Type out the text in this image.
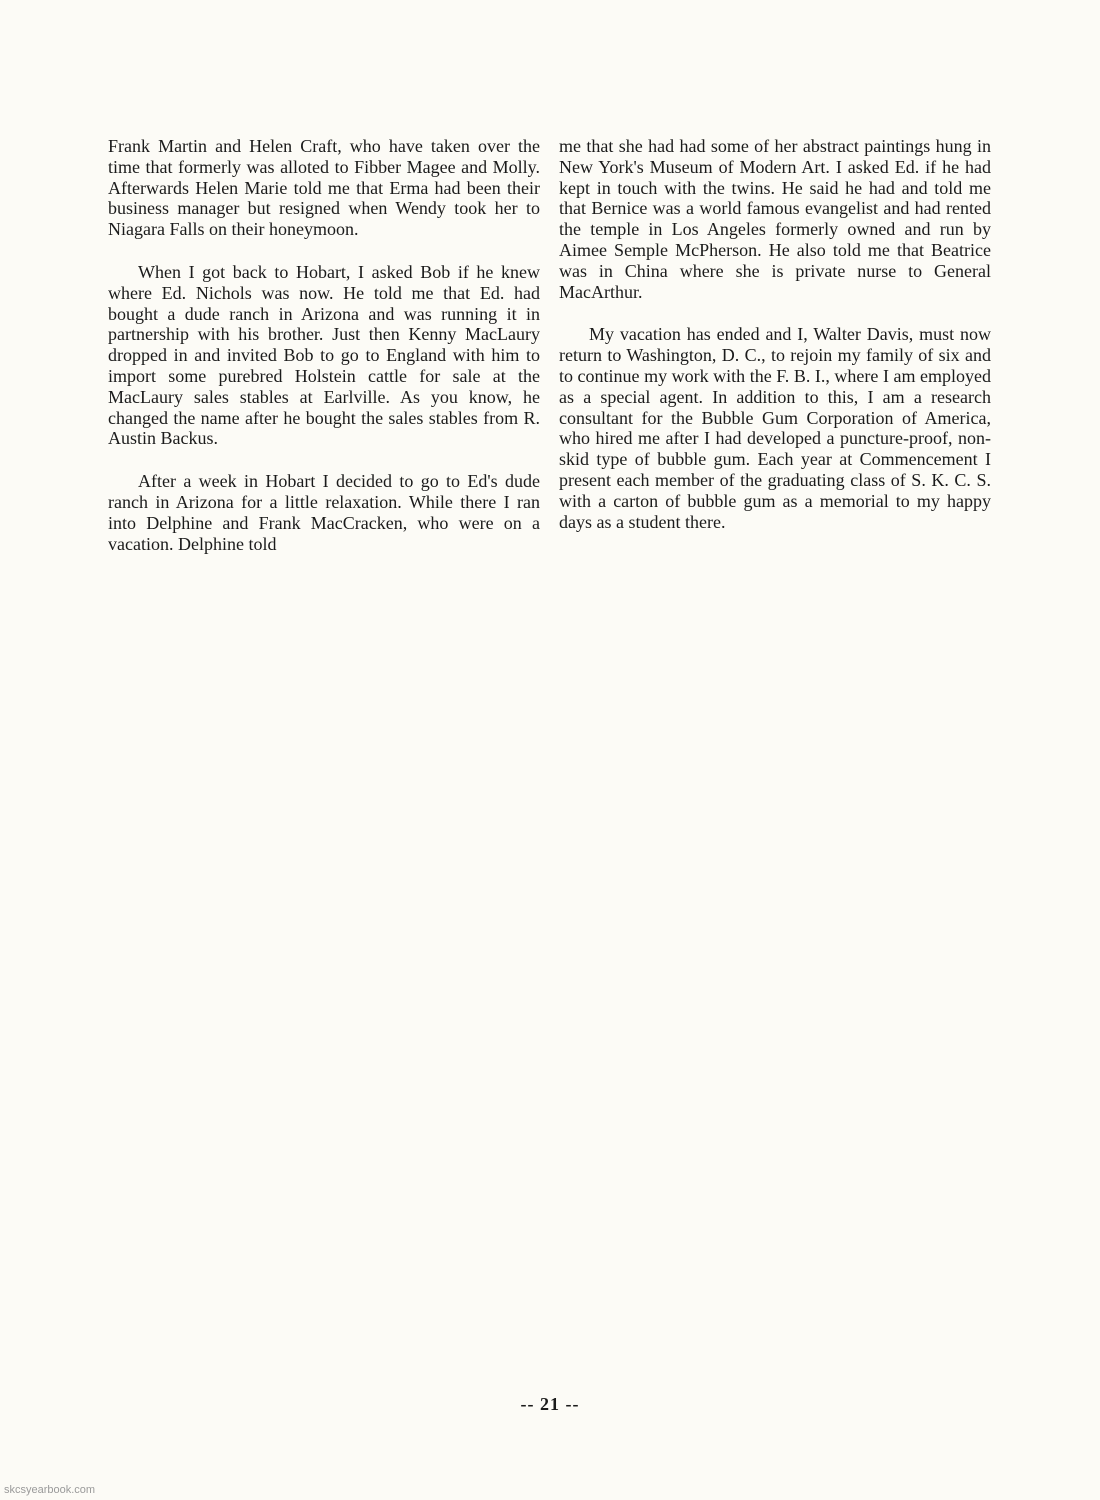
Frank Martin and Helen Craft, who have taken over the time that formerly was alloted to Fibber Magee and Molly. Afterwards Helen Marie told me that Erma had been their business manager but resigned when Wendy took her to Niagara Falls on their honeymoon.

When I got back to Hobart, I asked Bob if he knew where Ed. Nichols was now. He told me that Ed. had bought a dude ranch in Arizona and was running it in partnership with his brother. Just then Kenny MacLaury dropped in and invited Bob to go to England with him to import some purebred Holstein cattle for sale at the MacLaury sales stables at Earlville. As you know, he changed the name after he bought the sales stables from R. Austin Backus.

After a week in Hobart I decided to go to Ed's dude ranch in Arizona for a little relaxation. While there I ran into Delphine and Frank MacCracken, who were on a vacation. Delphine told

me that she had had some of her abstract paintings hung in New York's Museum of Modern Art. I asked Ed. if he had kept in touch with the twins. He said he had and told me that Bernice was a world famous evangelist and had rented the temple in Los Angeles formerly owned and run by Aimee Semple McPherson. He also told me that Beatrice was in China where she is private nurse to General MacArthur.

My vacation has ended and I, Walter Davis, must now return to Washington, D. C., to rejoin my family of six and to continue my work with the F. B. I., where I am employed as a special agent. In addition to this, I am a research consultant for the Bubble Gum Corporation of America, who hired me after I had developed a puncture-proof, non-skid type of bubble gum. Each year at Commencement I present each member of the graduating class of S. K. C. S. with a carton of bubble gum as a memorial to my happy days as a student there.

-- 21 --
skcsyearbook.com
